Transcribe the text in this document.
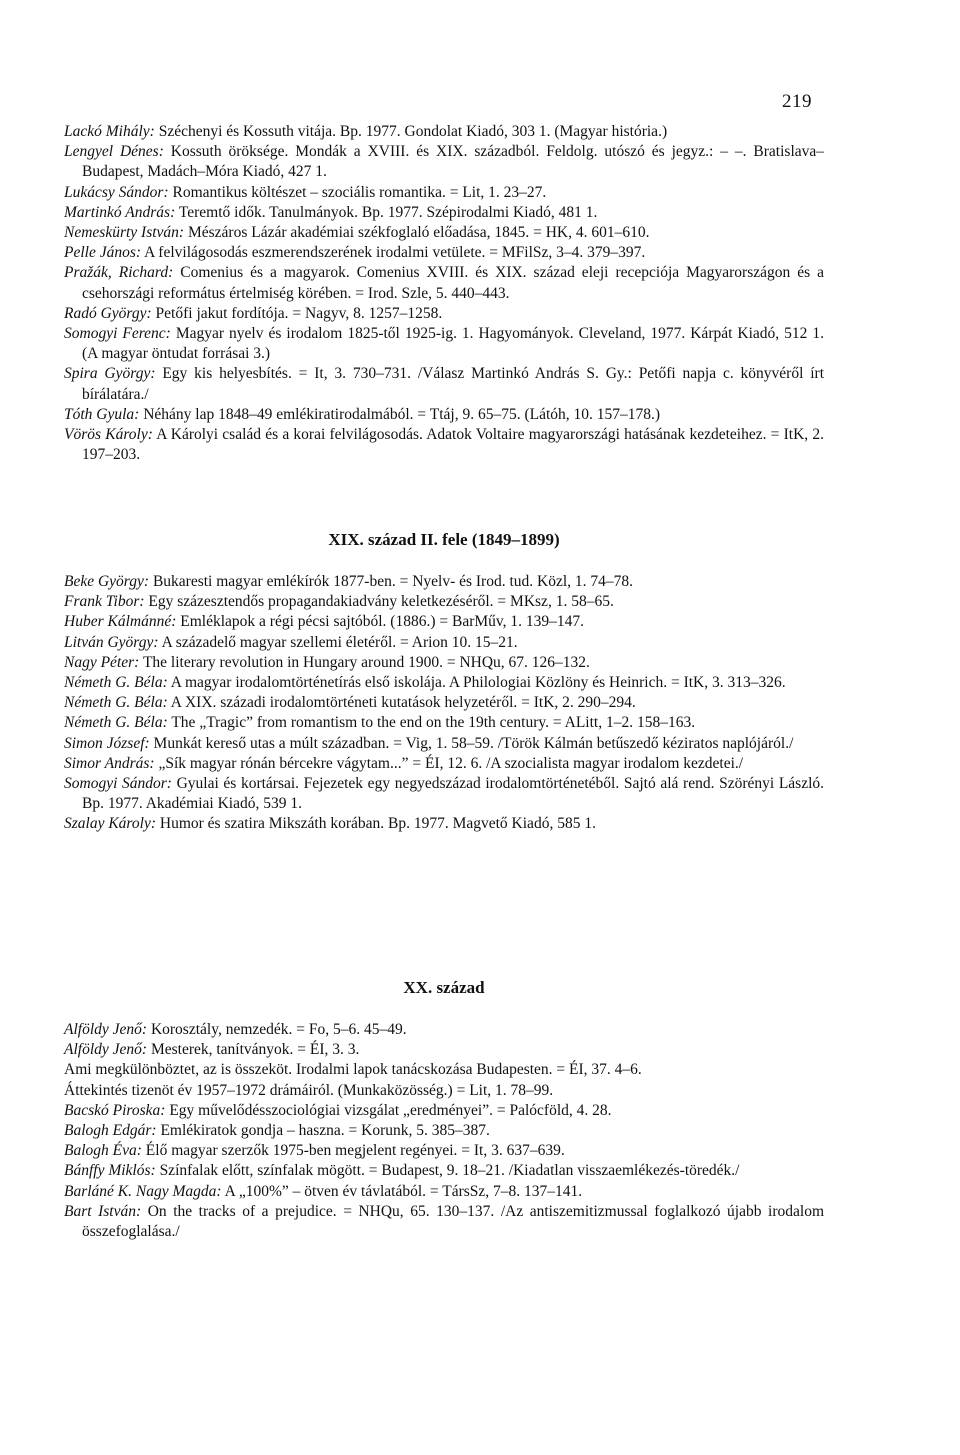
219

Lackó Mihály: Széchenyi és Kossuth vitája. Bp. 1977. Gondolat Kiadó, 303 1. (Magyar história.)

Lengyel Dénes: Kossuth öröksége. Mondák a XVIII. és XIX. századból. Feldolg. utószó és jegyz.: – –. Bratislava–Budapest, Madách–Móra Kiadó, 427 1.

Lukácsy Sándor: Romantikus költészet – szociális romantika. = Lit, 1. 23–27.

Martinkó András: Teremtő idők. Tanulmányok. Bp. 1977. Szépirodalmi Kiadó, 481 1.

Nemeskürty István: Mészáros Lázár akadémiai székfoglaló előadása, 1845. = HK, 4. 601–610.

Pelle János: A felvilágosodás eszmerendszerének irodalmi vetülete. = MFilSz, 3–4. 379–397.

Pražák, Richard: Comenius és a magyarok. Comenius XVIII. és XIX. század eleji recepciója Magyarországon és a csehországi református értelmiség körében. = Irod. Szle, 5. 440–443.

Radó György: Petőfi jakut fordítója. = Nagyv, 8. 1257–1258.

Somogyi Ferenc: Magyar nyelv és irodalom 1825-től 1925-ig. 1. Hagyományok. Cleveland, 1977. Kárpát Kiadó, 512 1. (A magyar öntudat forrásai 3.)

Spira György: Egy kis helyesbítés. = It, 3. 730–731. /Válasz Martinkó András S. Gy.: Petőfi napja c. könyvéről írt bírálatára./

Tóth Gyula: Néhány lap 1848–49 emlékiratirodalmából. = Ttáj, 9. 65–75. (Látóh, 10. 157–178.)

Vörös Károly: A Károlyi család és a korai felvilágosodás. Adatok Voltaire magyarországi hatásának kezdeteihez. = ItK, 2. 197–203.

XIX. század II. fele (1849–1899)

Beke György: Bukaresti magyar emlékírók 1877-ben. = Nyelv- és Irod. tud. Közl, 1. 74–78.

Frank Tibor: Egy százesztendős propagandakiadvány keletkezéséről. = MKsz, 1. 58–65.

Huber Kálmánné: Emléklapok a régi pécsi sajtóból. (1886.) = BarMűv, 1. 139–147.

Litván György: A századelő magyar szellemi életéről. = Arion 10. 15–21.

Nagy Péter: The literary revolution in Hungary around 1900. = NHQu, 67. 126–132.

Németh G. Béla: A magyar irodalomtörténetírás első iskolája. A Philologiai Közlöny és Heinrich. = ItK, 3. 313–326.

Németh G. Béla: A XIX. századi irodalomtörténeti kutatások helyzetéről. = ItK, 2. 290–294.

Németh G. Béla: The „Tragic” from romantism to the end on the 19th century. = ALitt, 1–2. 158–163.

Simon József: Munkát kereső utas a múlt században. = Vig, 1. 58–59. /Török Kálmán betűszedő kéziratos naplójáról./

Simor András: „Sík magyar rónán bércekre vágytam...” = ÉI, 12. 6. /A szocialista magyar irodalom kezdetei./

Somogyi Sándor: Gyulai és kortársai. Fejezetek egy negyedszázad irodalomtörténetéből. Sajtó alá rend. Szörényi László. Bp. 1977. Akadémiai Kiadó, 539 1.

Szalay Károly: Humor és szatira Mikszáth korában. Bp. 1977. Magvető Kiadó, 585 1.

XX. század

Alföldy Jenő: Korosztály, nemzedék. = Fo, 5–6. 45–49.

Alföldy Jenő: Mesterek, tanítványok. = ÉI, 3. 3.

Ami megkülönböztet, az is összeköt. Irodalmi lapok tanácskozása Budapesten. = ÉI, 37. 4–6.

Áttekintés tizenöt év 1957–1972 drámáiról. (Munkaközösség.) = Lit, 1. 78–99.

Bacskó Piroska: Egy művelődésszociológiai vizsgálat „eredményei”. = Palócföld, 4. 28.

Balogh Edgár: Emlékiratok gondja – haszna. = Korunk, 5. 385–387.

Balogh Éva: Élő magyar szerzők 1975-ben megjelent regényei. = It, 3. 637–639.

Bánffy Miklós: Színfalak előtt, színfalak mögött. = Budapest, 9. 18–21. /Kiadatlan visszaemlékezés-töredék./

Barláné K. Nagy Magda: A „100%” – ötven év távlatából. = TársSz, 7–8. 137–141.

Bart István: On the tracks of a prejudice. = NHQu, 65. 130–137. /Az antiszemitizmussal foglalkozó újabb irodalom összefoglalása./
